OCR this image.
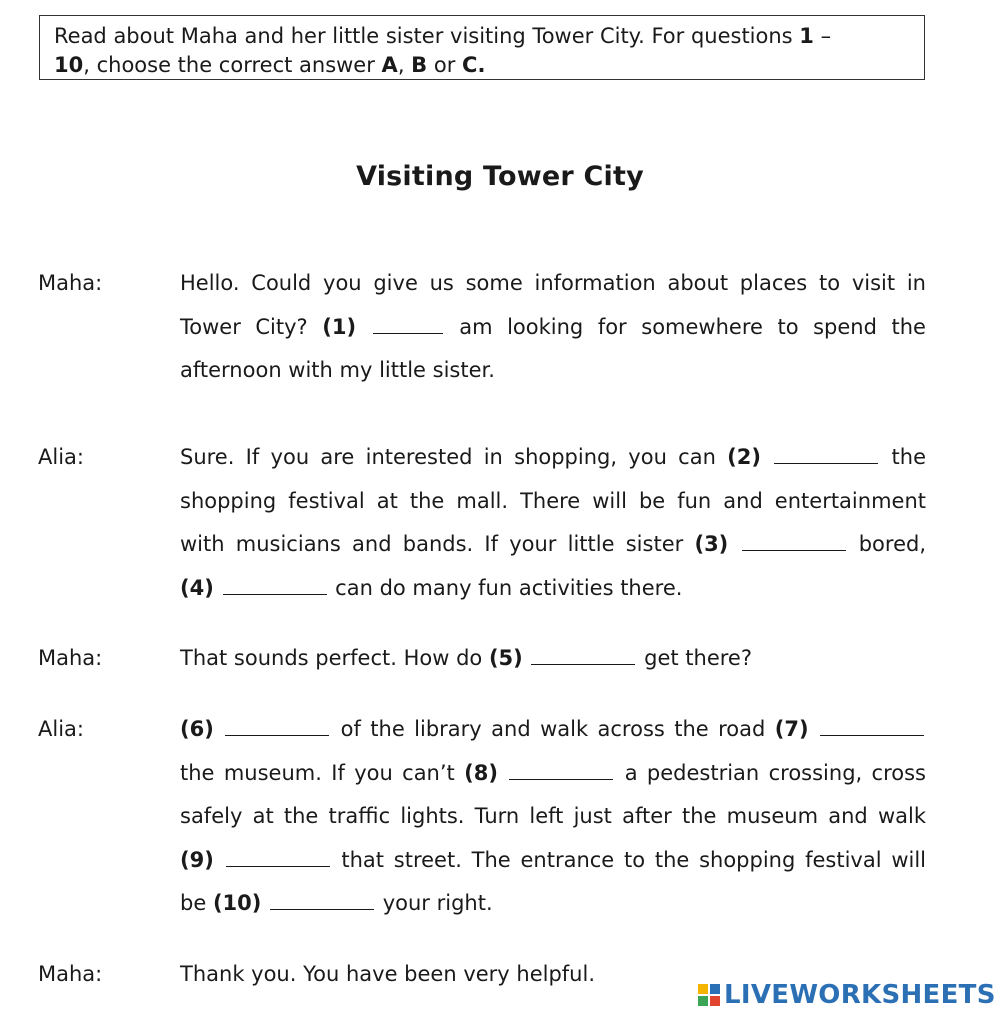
Read about Maha and her little sister visiting Tower City. For questions 1 –
10, choose the correct answer A, B or C.
Visiting Tower City
Maha:	Hello. Could you give us some information about places to visit in
Tower City? (1)	am looking for somewhere to spend the
afternoon with my little sister.
Alia:	Sure. If you are interested in shopping, you can (2)	the
shopping festival at the mall. There will be fun and entertainment
with musicians and bands. If your little sister (3)	bored,
(4)	can do many fun activities there.
Maha:	That sounds perfect. How do (5)	get there?
Alia:	(6)	of the library and walk across the road (7)
the museum. If you can’t (8)	a pedestrian crossing, cross
safely at the traffic lights. Turn left just after the museum and walk
(9)	that street. The entrance to the shopping festival will
be (10)	your right.
Maha:	Thank you. You have been very helpful.
LIVEWORKSHEETS
